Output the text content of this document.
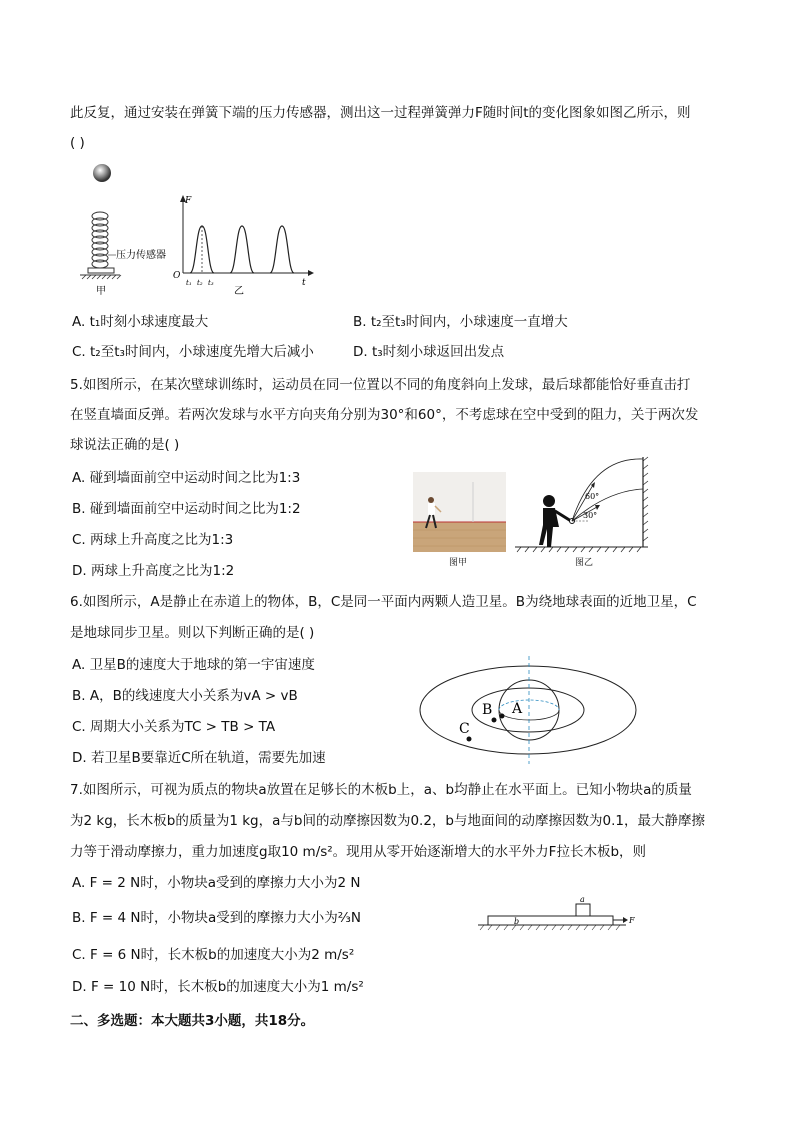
此反复，通过安装在弹簧下端的压力传感器，测出这一过程弹簧弹力F随时间t的变化图象如图乙所示，则
( )
压力传感器
甲
F
t
O
t₁ t₂ t₃
乙
A. t₁时刻小球速度最大	B. t₂至t₃时间内，小球速度一直增大
C. t₂至t₃时间内，小球速度先增大后减小	D. t₃时刻小球返回出发点
5.如图所示，在某次壁球训练时，运动员在同一位置以不同的角度斜向上发球，最后球都能恰好垂直击打
在竖直墙面反弹。若两次发球与水平方向夹角分别为30°和60°，不考虑球在空中受到的阻力，关于两次发
球说法正确的是( )
A. 碰到墙面前空中运动时间之比为1:3
B. 碰到墙面前空中运动时间之比为1:2
C. 两球上升高度之比为1:3
D. 两球上升高度之比为1:2	图甲
60°
30°
图乙
6.如图所示，A是静止在赤道上的物体，B，C是同一平面内两颗人造卫星。B为绕地球表面的近地卫星，C
是地球同步卫星。则以下判断正确的是( )
A. 卫星B的速度大于地球的第一宇宙速度
B. A，B的线速度大小关系为vA > vB
C. 周期大小关系为TC > TB > TA
D. 若卫星B要靠近C所在轨道，需要先加速
A
B
C
7.如图所示，可视为质点的物块a放置在足够长的木板b上，a、b均静止在水平面上。已知小物块a的质量
为2 kg，长木板b的质量为1 kg，a与b间的动摩擦因数为0.2，b与地面间的动摩擦因数为0.1，最大静摩擦
力等于滑动摩擦力，重力加速度g取10 m/s²。现用从零开始逐渐增大的水平外力F拉长木板b，则
A. F = 2 N时，小物块a受到的摩擦力大小为2 N
B. F = 4 N时，小物块a受到的摩擦力大小为⅔N
C. F = 6 N时，长木板b的加速度大小为2 m/s²
D. F = 10 N时，长木板b的加速度大小为1 m/s²
a
b	F
二、多选题：本大题共3小题，共18分。
